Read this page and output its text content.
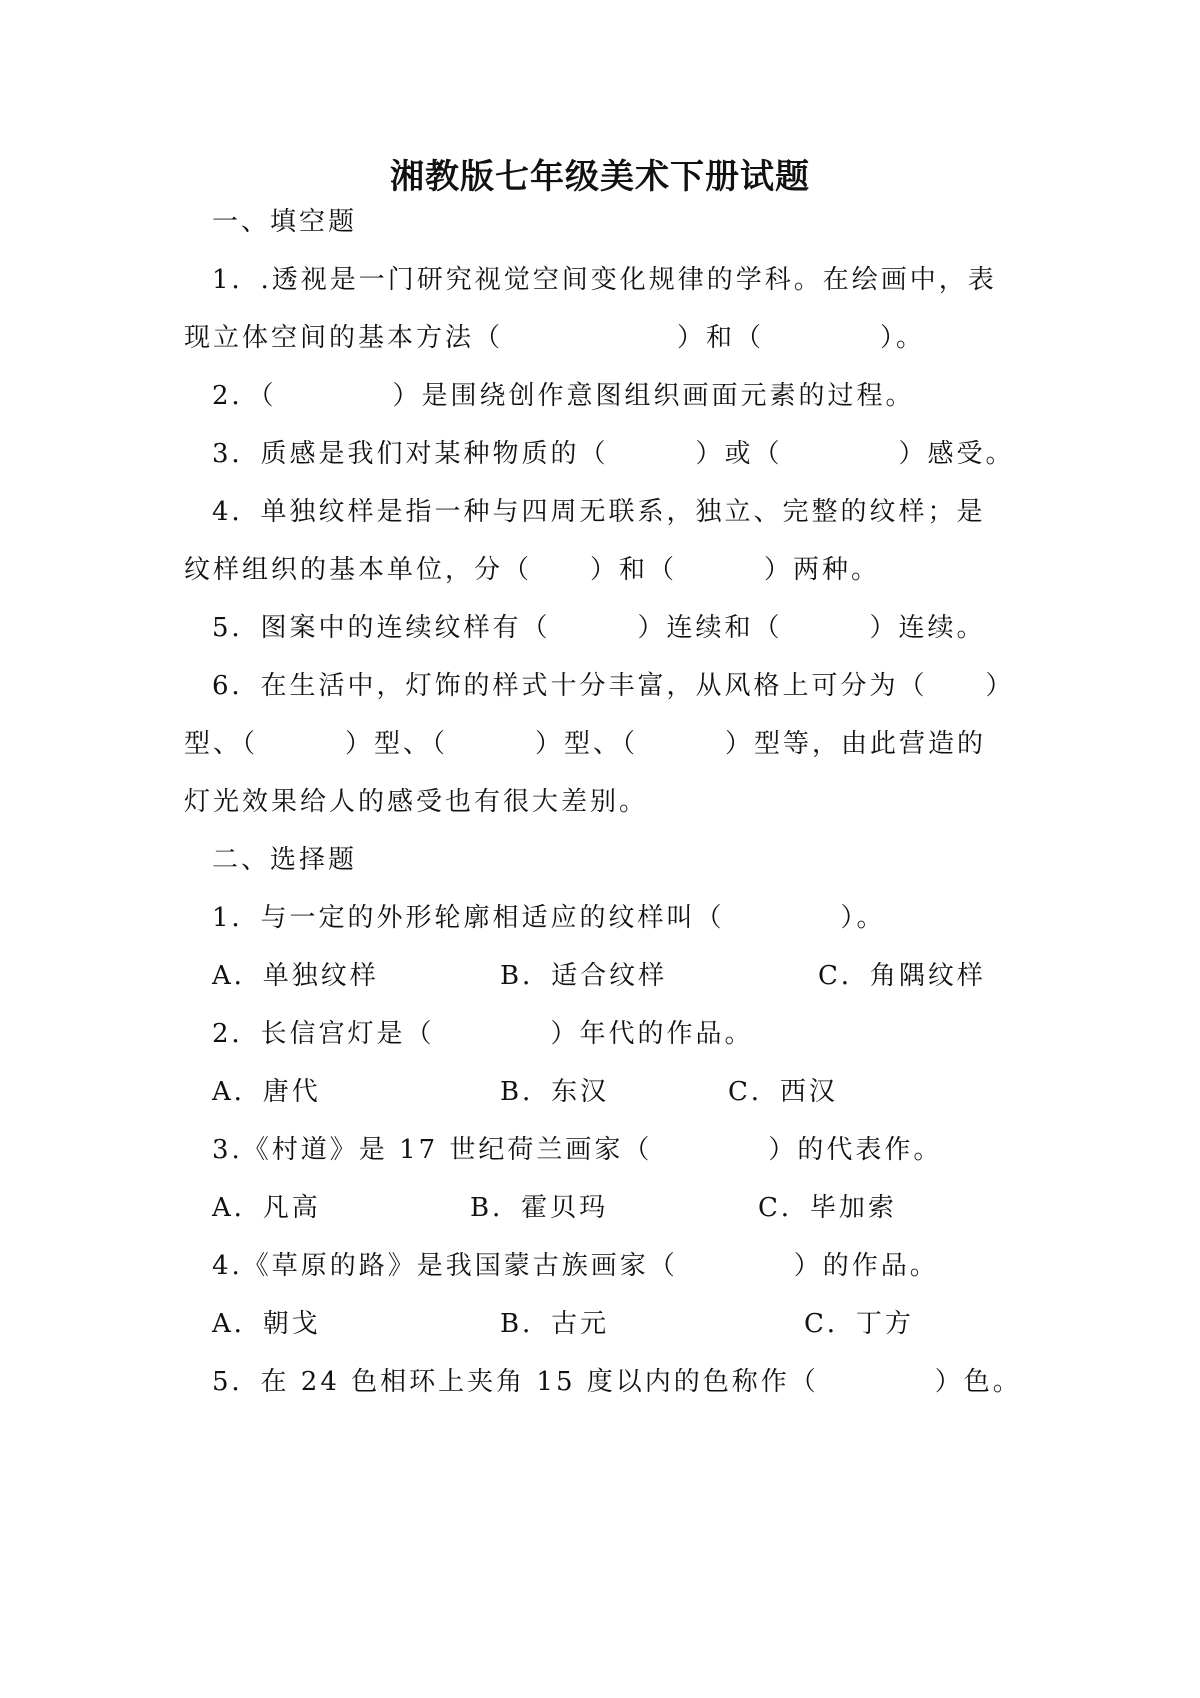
湘教版七年级美术下册试题
一、填空题
1．.透视是一门研究视觉空间变化规律的学科。在绘画中，表
现立体空间的基本方法（　　　　　　）和（　　　　）。
2．（　　　　）是围绕创作意图组织画面元素的过程。
3．质感是我们对某种物质的（　　　）或（　　　　）感受。
4．单独纹样是指一种与四周无联系，独立、完整的纹样；是
纹样组织的基本单位，分（　　）和（　　　）两种。
5．图案中的连续纹样有（　　　）连续和（　　　）连续。
6．在生活中，灯饰的样式十分丰富，从风格上可分为（　　）
型、（　　　）型、（　　　）型、（　　　）型等，由此营造的
灯光效果给人的感受也有很大差别。
二、选择题
1．与一定的外形轮廓相适应的纹样叫（　　　　）。
A．单独纹样	B．适合纹样	C．角隅纹样
2．长信宫灯是（　　　　）年代的作品。
A．唐代	B．东汉	C．西汉
3.《村道》是 17 世纪荷兰画家（　　　　）的代表作。
A．凡高	B．霍贝玛	C．毕加索
4.《草原的路》是我国蒙古族画家（　　　　）的作品。
A．朝戈	B．古元	C．丁方
5．在 24 色相环上夹角 15 度以内的色称作（　　　　）色。
